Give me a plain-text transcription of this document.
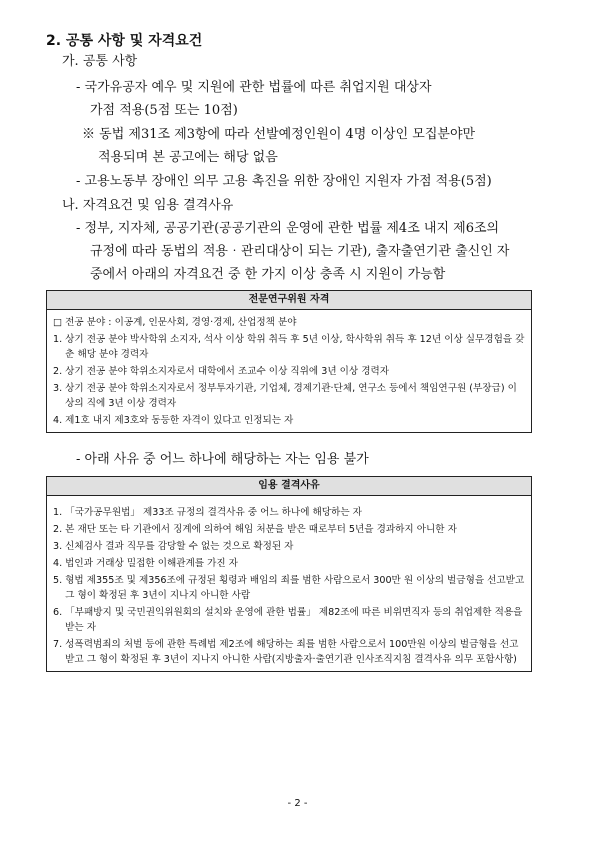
2. 공통 사항 및 자격요건
가. 공통 사항
- 국가유공자 예우 및 지원에 관한 법률에 따른 취업지원 대상자
가점 적용(5점 또는 10점)
※ 동법 제31조 제3항에 따라 선발예정인원이 4명 이상인 모집분야만
적용되며 본 공고에는 해당 없음
- 고용노동부 장애인 의무 고용 촉진을 위한 장애인 지원자 가점 적용(5점)
나. 자격요건 및 임용 결격사유
- 정부, 지자체, 공공기관(공공기관의 운영에 관한 법률 제4조 내지 제6조의
규정에 따라 동법의 적용‧관리대상이 되는 기관), 출자출연기관 출신인 자
중에서 아래의 자격요건 중 한 가지 이상 충족 시 지원이 가능함
전문연구위원 자격
□ 전공 분야 : 이공계, 인문사회, 경영‧경제, 산업정책 분야
1. 상기 전공 분야 박사학위 소지자, 석사 이상 학위 취득 후 5년 이상, 학사학위 취득 후 12년 이상 실무경험을 갖춘 해당 분야 경력자
2. 상기 전공 분야 학위소지자로서 대학에서 조교수 이상 직위에 3년 이상 경력자
3. 상기 전공 분야 학위소지자로서 정부투자기관, 기업체, 경제기관‧단체, 연구소 등에서 책임연구원 (부장급) 이상의 직에 3년 이상 경력자
4. 제1호 내지 제3호와 동등한 자격이 있다고 인정되는 자
- 아래 사유 중 어느 하나에 해당하는 자는 임용 불가
임용 결격사유
1. 「국가공무원법」 제33조 규정의 결격사유 중 어느 하나에 해당하는 자
2. 본 재단 또는 타 기관에서 징계에 의하여 해임 처분을 받은 때로부터 5년을 경과하지 아니한 자
3. 신체검사 결과 직무를 감당할 수 없는 것으로 확정된 자
4. 법인과 거래상 밀접한 이해관계를 가진 자
5. 형법 제355조 및 제356조에 규정된 횡령과 배임의 죄를 범한 사람으로서 300만 원 이상의 벌금형을 선고받고 그 형이 확정된 후 3년이 지나지 아니한 사람
6. 「부패방지 및 국민권익위원회의 설치와 운영에 관한 법률」 제82조에 따른 비위면직자 등의 취업제한 적용을 받는 자
7. 성폭력범죄의 처벌 등에 관한 특례법 제2조에 해당하는 죄를 범한 사람으로서 100만원 이상의 벌금형을 선고받고 그 형이 확정된 후 3년이 지나지 아니한 사람(지방출자‧출연기관 인사조직지침 결격사유 의무 포함사항)
- 2 -
